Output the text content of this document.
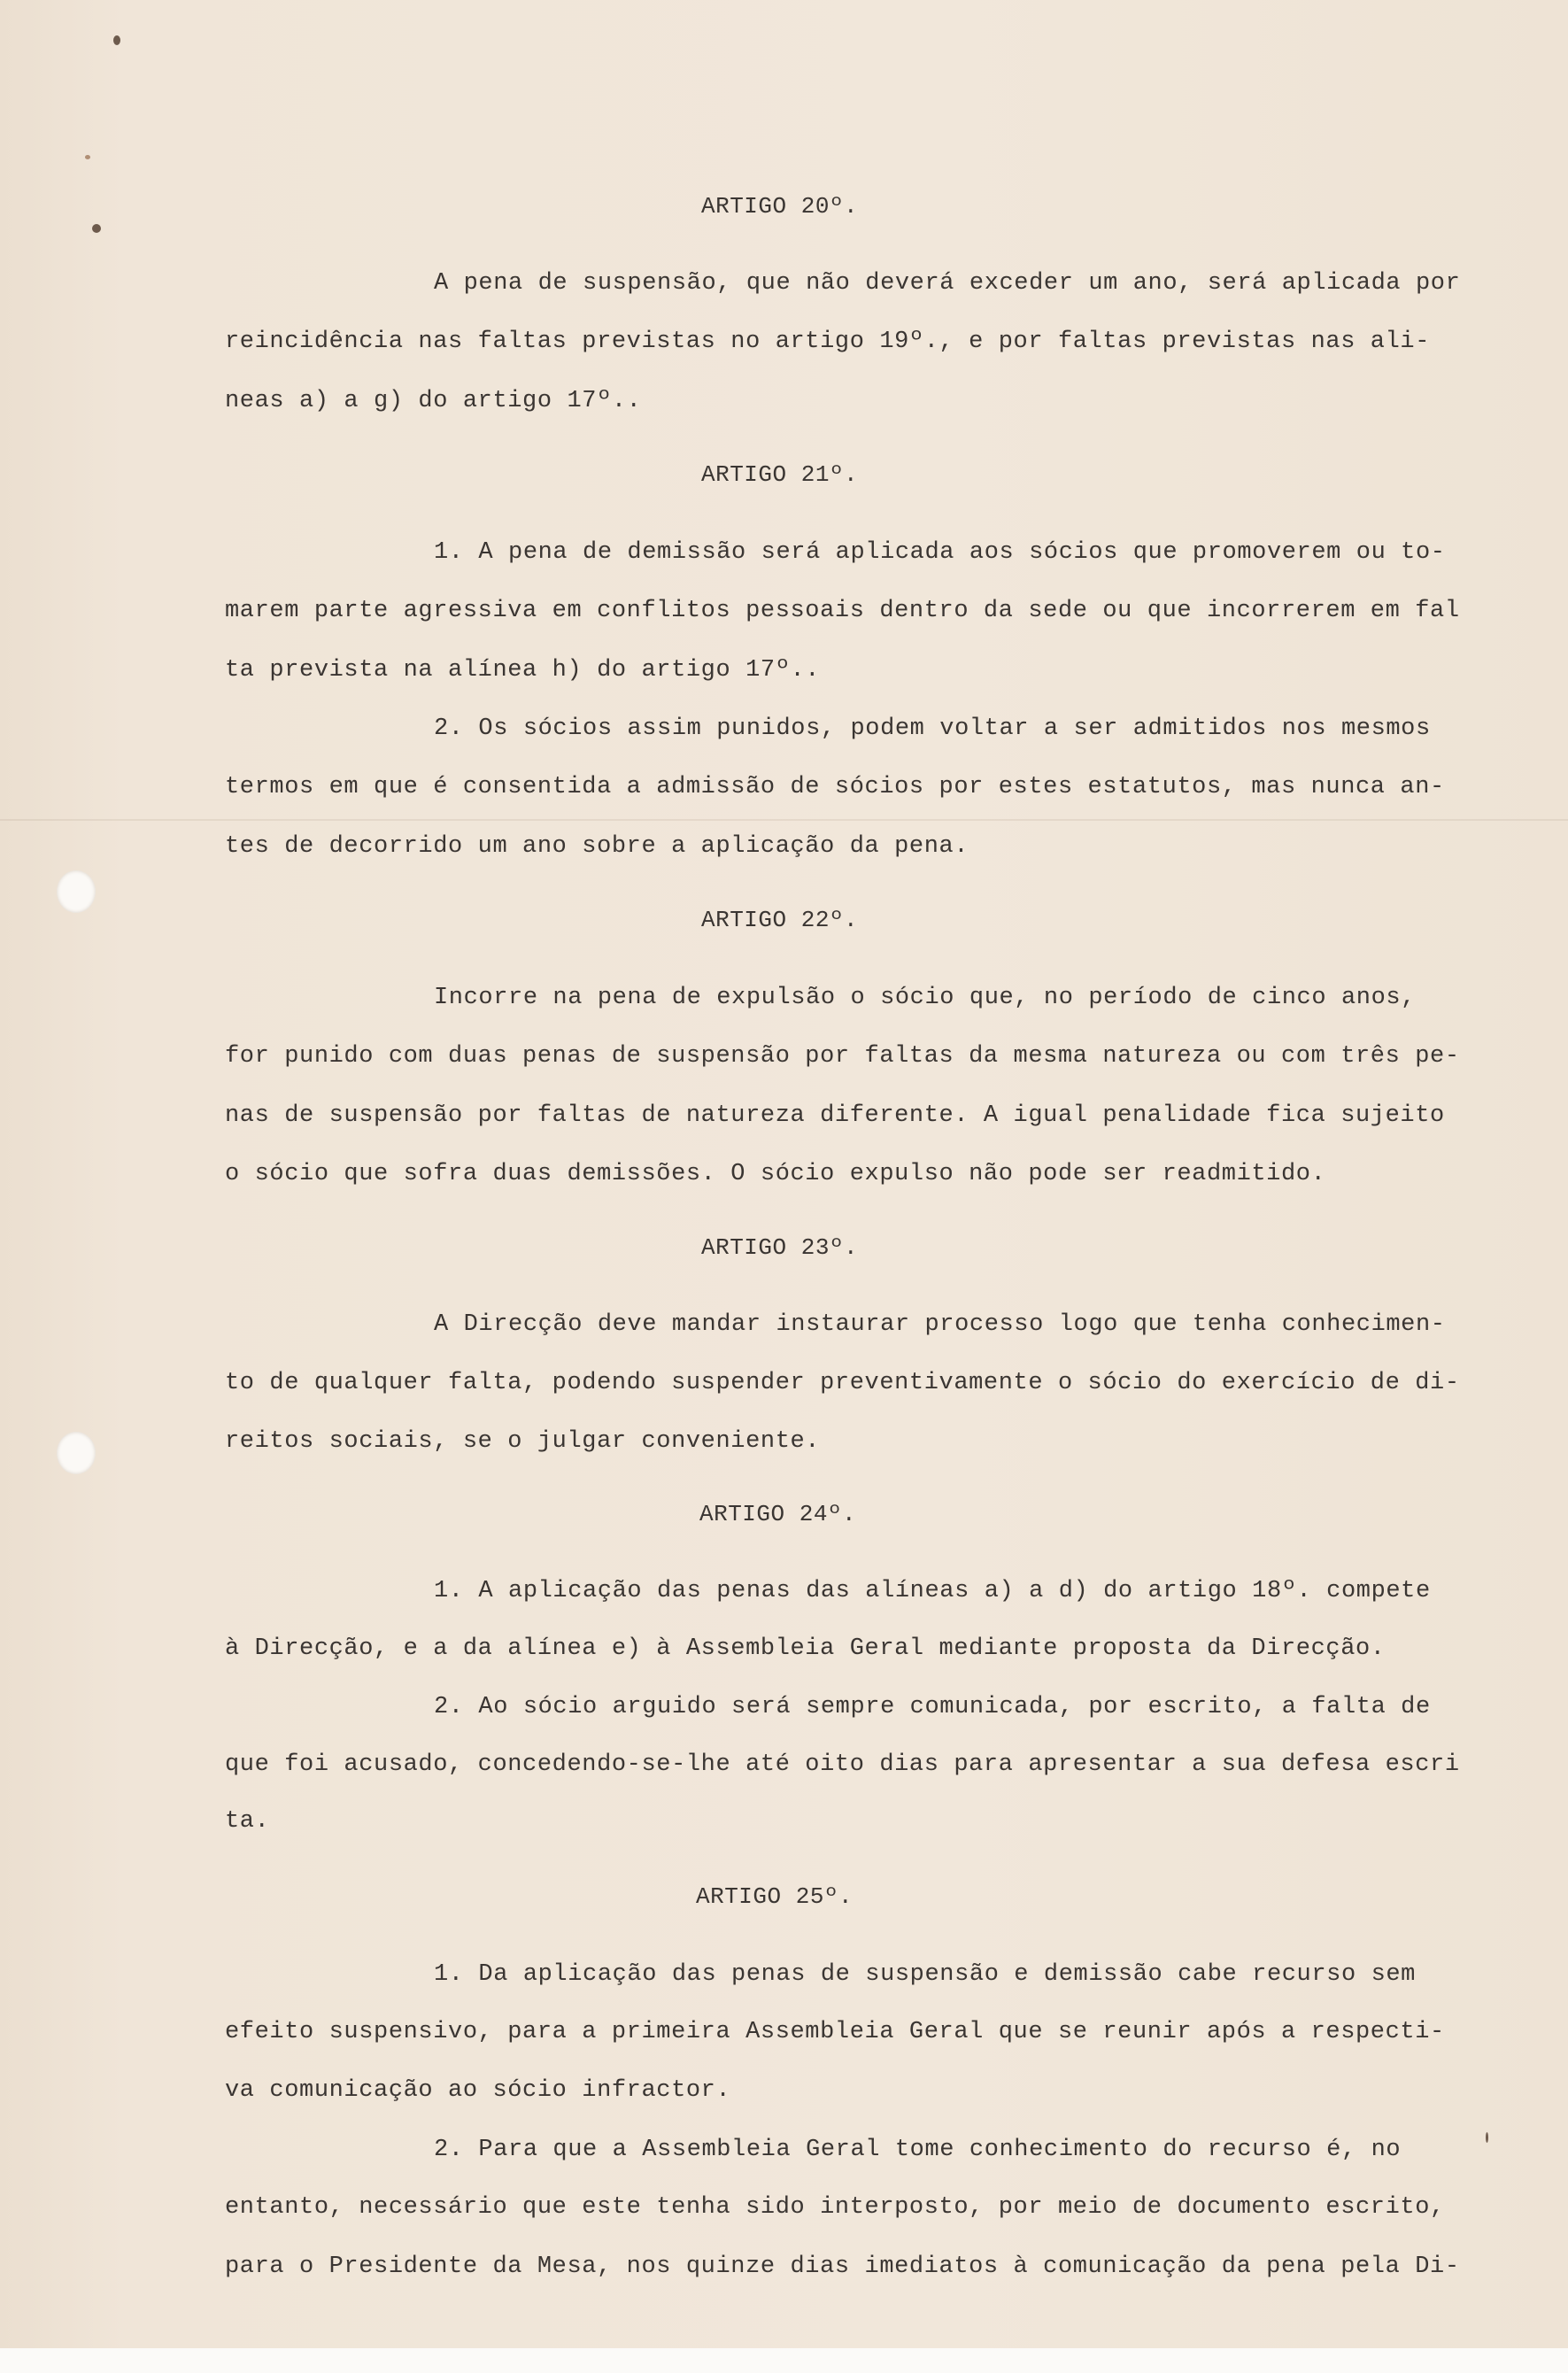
ARTIGO 20º.
A pena de suspensão, que não deverá exceder um ano, será aplicada por
reincidência nas faltas previstas no artigo 19º., e por faltas previstas nas ali-
neas a) a g) do artigo 17º..
ARTIGO 21º.
1. A pena de demissão será aplicada aos sócios que promoverem ou to-
marem parte agressiva em conflitos pessoais dentro da sede ou que incorrerem em fal
ta prevista na alínea h) do artigo 17º..
2. Os sócios assim punidos, podem voltar a ser admitidos nos mesmos
termos em que é consentida a admissão de sócios por estes estatutos, mas nunca an-
tes de decorrido um ano sobre a aplicação da pena.
ARTIGO 22º.
Incorre na pena de expulsão o sócio que, no período de cinco anos,
for punido com duas penas de suspensão por faltas da mesma natureza ou com três pe-
nas de suspensão por faltas de natureza diferente. A igual penalidade fica sujeito
o sócio que sofra duas demissões. O sócio expulso não pode ser readmitido.
ARTIGO 23º.
A Direcção deve mandar instaurar processo logo que tenha conhecimen-
to de qualquer falta, podendo suspender preventivamente o sócio do exercício de di-
reitos sociais, se o julgar conveniente.
ARTIGO 24º.
1. A aplicação das penas das alíneas a) a d) do artigo 18º. compete
à Direcção, e a da alínea e) à Assembleia Geral mediante proposta da Direcção.
2. Ao sócio arguido será sempre comunicada, por escrito, a falta de
que foi acusado, concedendo-se-lhe até oito dias para apresentar a sua defesa escri
ta.
ARTIGO 25º.
1. Da aplicação das penas de suspensão e demissão cabe recurso sem
efeito suspensivo, para a primeira Assembleia Geral que se reunir após a respecti-
va comunicação ao sócio infractor.
2. Para que a Assembleia Geral tome conhecimento do recurso é, no
entanto, necessário que este tenha sido interposto, por meio de documento escrito,
para o Presidente da Mesa, nos quinze dias imediatos à comunicação da pena pela Di-
